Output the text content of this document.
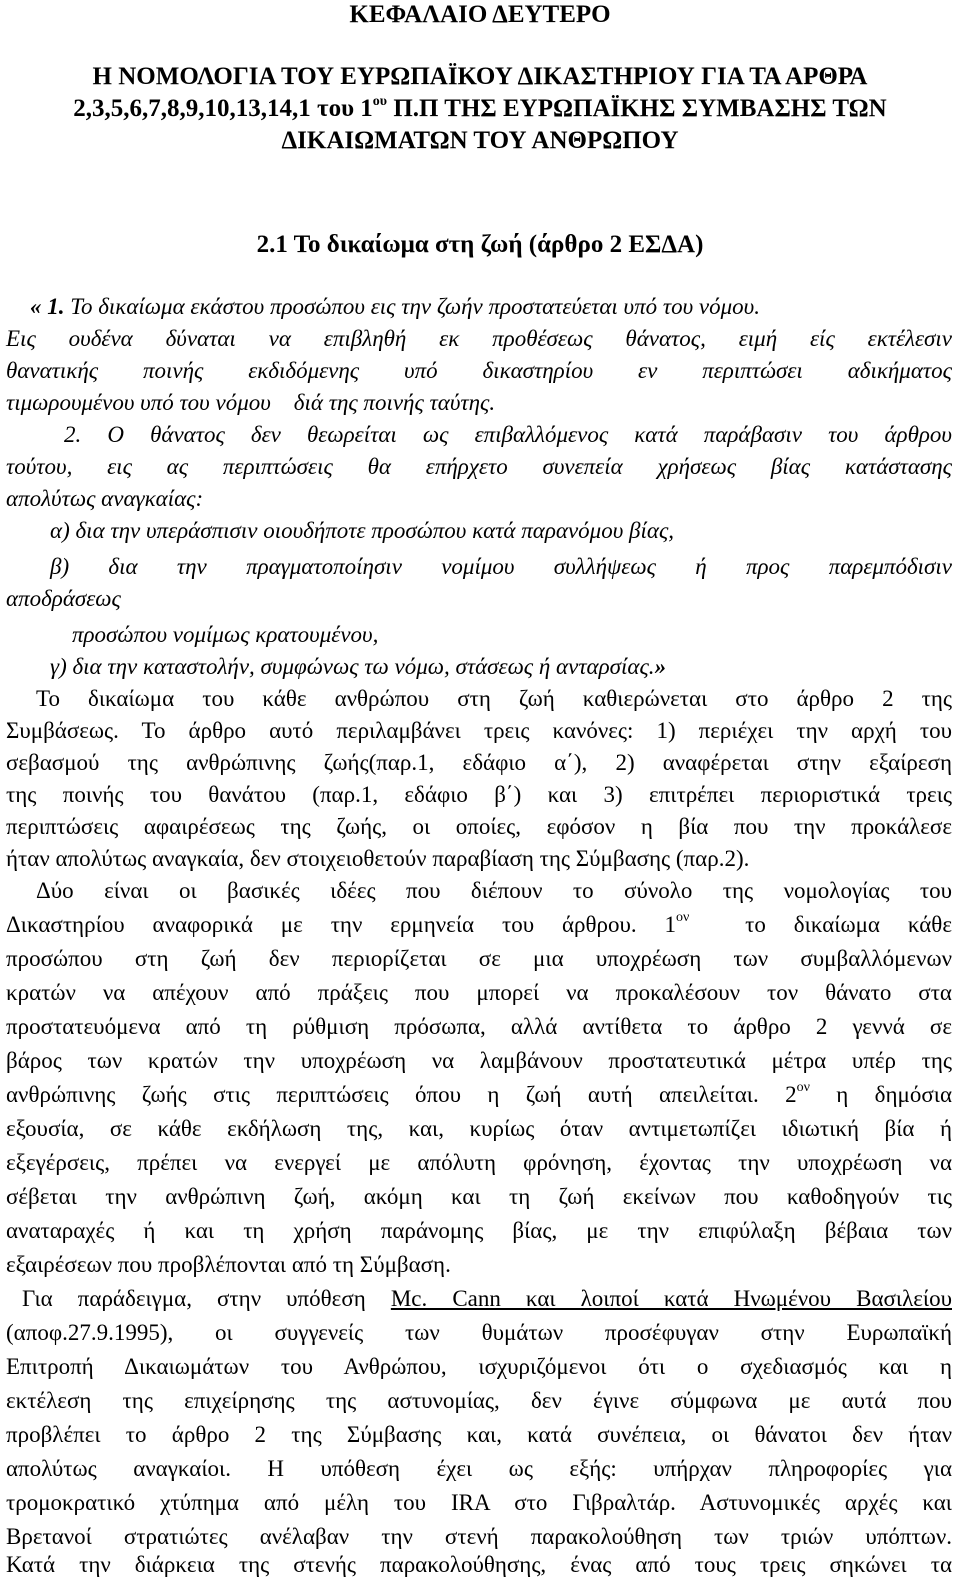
ΚΕΦΑΛΑΙΟ ΔΕΥΤΕΡΟ
Η ΝΟΜΟΛΟΓΙΑ ΤΟΥ ΕΥΡΩΠΑΪΚΟΥ ΔΙΚΑΣΤΗΡΙΟΥ ΓΙΑ ΤΑ ΑΡΘΡΑ
2,3,5,6,7,8,9,10,13,14,1 του $1^{o\upsilon}$ Π.Π ΤΗΣ ΕΥΡΩΠΑΪΚΗΣ ΣΥΜΒΑΣΗΣ ΤΩΝ
ΔΙΚΑΙΩΜΑΤΩΝ ΤΟΥ ΑΝΘΡΩΠΟΥ
2.1 Το δικαίωμα στη ζωή (άρθρο 2 ΕΣΔΑ)
« 1. Το δικαίωμα εκάστου προσώπου εις την ζωήν προστατεύεται υπό του νόμου.
Εις ουδένα δύναται να επιβληθή εκ προθέσεως θάνατος, ειμή είς εκτέλεσιν
θανατικής ποινής εκδιδόμενης υπό δικαστηρίου εν περιπτώσει αδικήματος
τιμωρουμένου υπό του νόμου    διά της ποινής ταύτης.
2. Ο θάνατος δεν θεωρείται ως επιβαλλόμενος κατά παράβασιν του άρθρου
τούτου, εις ας περιπτώσεις θα επήρχετο συνεπεία χρήσεως βίας κατάστασης
απολύτως αναγκαίας:
α) δια την υπεράσπισιν οιουδήποτε προσώπου κατά παρανόμου βίας,
β) δια την πραγματοποίησιν νομίμου συλλήψεως ή προς παρεμπόδισιν
αποδράσεως
προσώπου νομίμως κρατουμένου,
γ) δια την καταστολήν, συμφώνως τω νόμω, στάσεως ή ανταρσίας.»
Το δικαίωμα του κάθε ανθρώπου στη ζωή καθιερώνεται στο άρθρο 2 της
Συμβάσεως. Το άρθρο αυτό περιλαμβάνει τρεις κανόνες: 1) περιέχει την αρχή του
σεβασμού της ανθρώπινης ζωής(παρ.1, εδάφιο α΄), 2) αναφέρεται στην εξαίρεση
της ποινής του θανάτου (παρ.1, εδάφιο β΄) και 3) επιτρέπει περιοριστικά τρεις
περιπτώσεις αφαιρέσεως της ζωής, οι οποίες, εφόσον η βία που την προκάλεσε
ήταν απολύτως αναγκαία, δεν στοιχειοθετούν παραβίαση της Σύμβασης (παρ.2).
Δύο είναι οι βασικές ιδέες που διέπουν το σύνολο της νομολογίας του
Δικαστηρίου αναφορικά με την ερμηνεία του άρθρου. $1^{o\nu}$  το δικαίωμα κάθε
προσώπου στη ζωή δεν περιορίζεται σε μια υποχρέωση των συμβαλλόμενων
κρατών να απέχουν από πράξεις που μπορεί να προκαλέσουν τον θάνατο στα
προστατευόμενα από τη ρύθμιση πρόσωπα, αλλά αντίθετα το άρθρο 2 γεννά σε
βάρος των κρατών την υποχρέωση να λαμβάνουν προστατευτικά μέτρα υπέρ της
ανθρώπινης ζωής στις περιπτώσεις όπου η ζωή αυτή απειλείται. $2^{o\nu}$ η δημόσια
εξουσία, σε κάθε εκδήλωση της, και, κυρίως όταν αντιμετωπίζει ιδιωτική βία ή
εξεγέρσεις, πρέπει να ενεργεί με απόλυτη φρόνηση, έχοντας την υποχρέωση να
σέβεται την ανθρώπινη ζωή, ακόμη και τη ζωή εκείνων που καθοδηγούν τις
αναταραχές ή και τη χρήση παράνομης βίας, με την επιφύλαξη βέβαια των
εξαιρέσεων που προβλέπονται από τη Σύμβαση.
Για παράδειγμα, στην υπόθεση Mc. Cann και λοιποί κατά Ηνωμένου Βασιλείου
(αποφ.27.9.1995), οι συγγενείς των θυμάτων προσέφυγαν στην Ευρωπαϊκή
Επιτροπή Δικαιωμάτων του Ανθρώπου, ισχυριζόμενοι ότι ο σχεδιασμός και η
εκτέλεση της επιχείρησης της αστυνομίας, δεν έγινε σύμφωνα με αυτά που
προβλέπει το άρθρο 2 της Σύμβασης και, κατά συνέπεια, οι θάνατοι δεν ήταν
απολύτως αναγκαίοι. Η υπόθεση έχει ως εξής: υπήρχαν πληροφορίες για
τρομοκρατικό χτύπημα από μέλη του IRA στο Γιβραλτάρ. Αστυνομικές αρχές και
Βρετανοί στρατιώτες ανέλαβαν την στενή παρακολούθηση των τριών υπόπτων.
Κατά την διάρκεια της στενής παρακολούθησης, ένας από τους τρεις σηκώνει τα
